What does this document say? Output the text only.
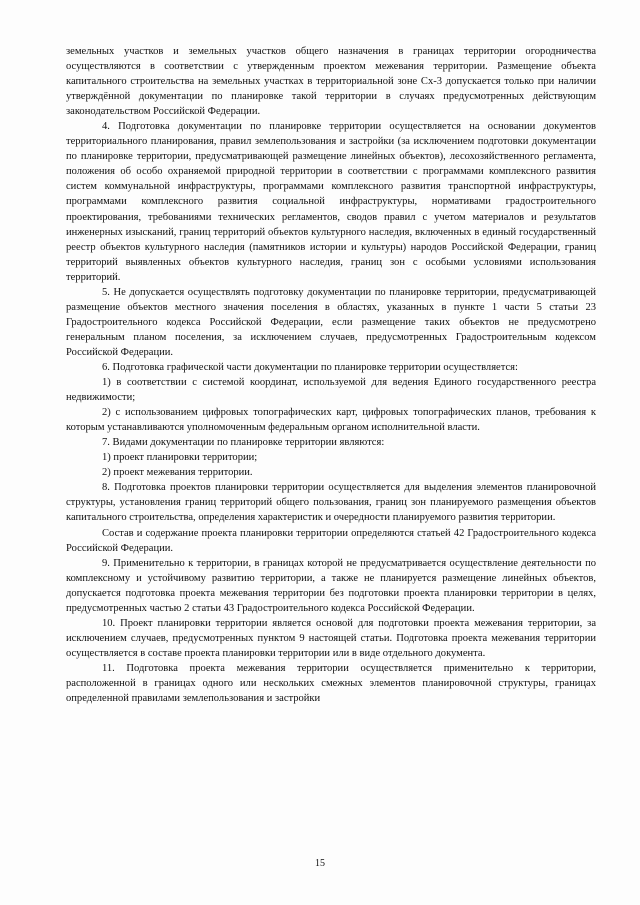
земельных участков и земельных участков общего назначения в границах территории огородничества осуществляются в соответствии с утвержденным проектом межевания территории. Размещение объекта капитального строительства на земельных участках в территориальной зоне Сх-3 допускается только при наличии утверждённой документации по планировке такой территории в случаях предусмотренных действующим законодательством Российской Федерации.

4. Подготовка документации по планировке территории осуществляется на основании документов территориального планирования, правил землепользования и застройки (за исключением подготовки документации по планировке территории, предусматривающей размещение линейных объектов), лесохозяйственного регламента, положения об особо охраняемой природной территории в соответствии с программами комплексного развития систем коммунальной инфраструктуры, программами комплексного развития транспортной инфраструктуры, программами комплексного развития социальной инфраструктуры, нормативами градостроительного проектирования, требованиями технических регламентов, сводов правил с учетом материалов и результатов инженерных изысканий, границ территорий объектов культурного наследия, включенных в единый государственный реестр объектов культурного наследия (памятников истории и культуры) народов Российской Федерации, границ территорий выявленных объектов культурного наследия, границ зон с особыми условиями использования территорий.

5. Не допускается осуществлять подготовку документации по планировке территории, предусматривающей размещение объектов местного значения поселения в областях, указанных в пункте 1 части 5 статьи 23 Градостроительного кодекса Российской Федерации, если размещение таких объектов не предусмотрено генеральным планом поселения, за исключением случаев, предусмотренных Градостроительным кодексом Российской Федерации.

6. Подготовка графической части документации по планировке территории осуществляется:

1) в соответствии с системой координат, используемой для ведения Единого государственного реестра недвижимости;

2) с использованием цифровых топографических карт, цифровых топографических планов, требования к которым устанавливаются уполномоченным федеральным органом исполнительной власти.

7. Видами документации по планировке территории являются:

1) проект планировки территории;

2) проект межевания территории.

8. Подготовка проектов планировки территории осуществляется для выделения элементов планировочной структуры, установления границ территорий общего пользования, границ зон планируемого размещения объектов капитального строительства, определения характеристик и очередности планируемого развития территории.

Состав и содержание проекта планировки территории определяются статьей 42 Градостроительного кодекса Российской Федерации.

9. Применительно к территории, в границах которой не предусматривается осуществление деятельности по комплексному и устойчивому развитию территории, а также не планируется размещение линейных объектов, допускается подготовка проекта межевания территории без подготовки проекта планировки территории в целях, предусмотренных частью 2 статьи 43 Градостроительного кодекса Российской Федерации.

10. Проект планировки территории является основой для подготовки проекта межевания территории, за исключением случаев, предусмотренных пунктом 9 настоящей статьи. Подготовка проекта межевания территории осуществляется в составе проекта планировки территории или в виде отдельного документа.

11. Подготовка проекта межевания территории осуществляется применительно к территории, расположенной в границах одного или нескольких смежных элементов планировочной структуры, границах определенной правилами землепользования и застройки

15
